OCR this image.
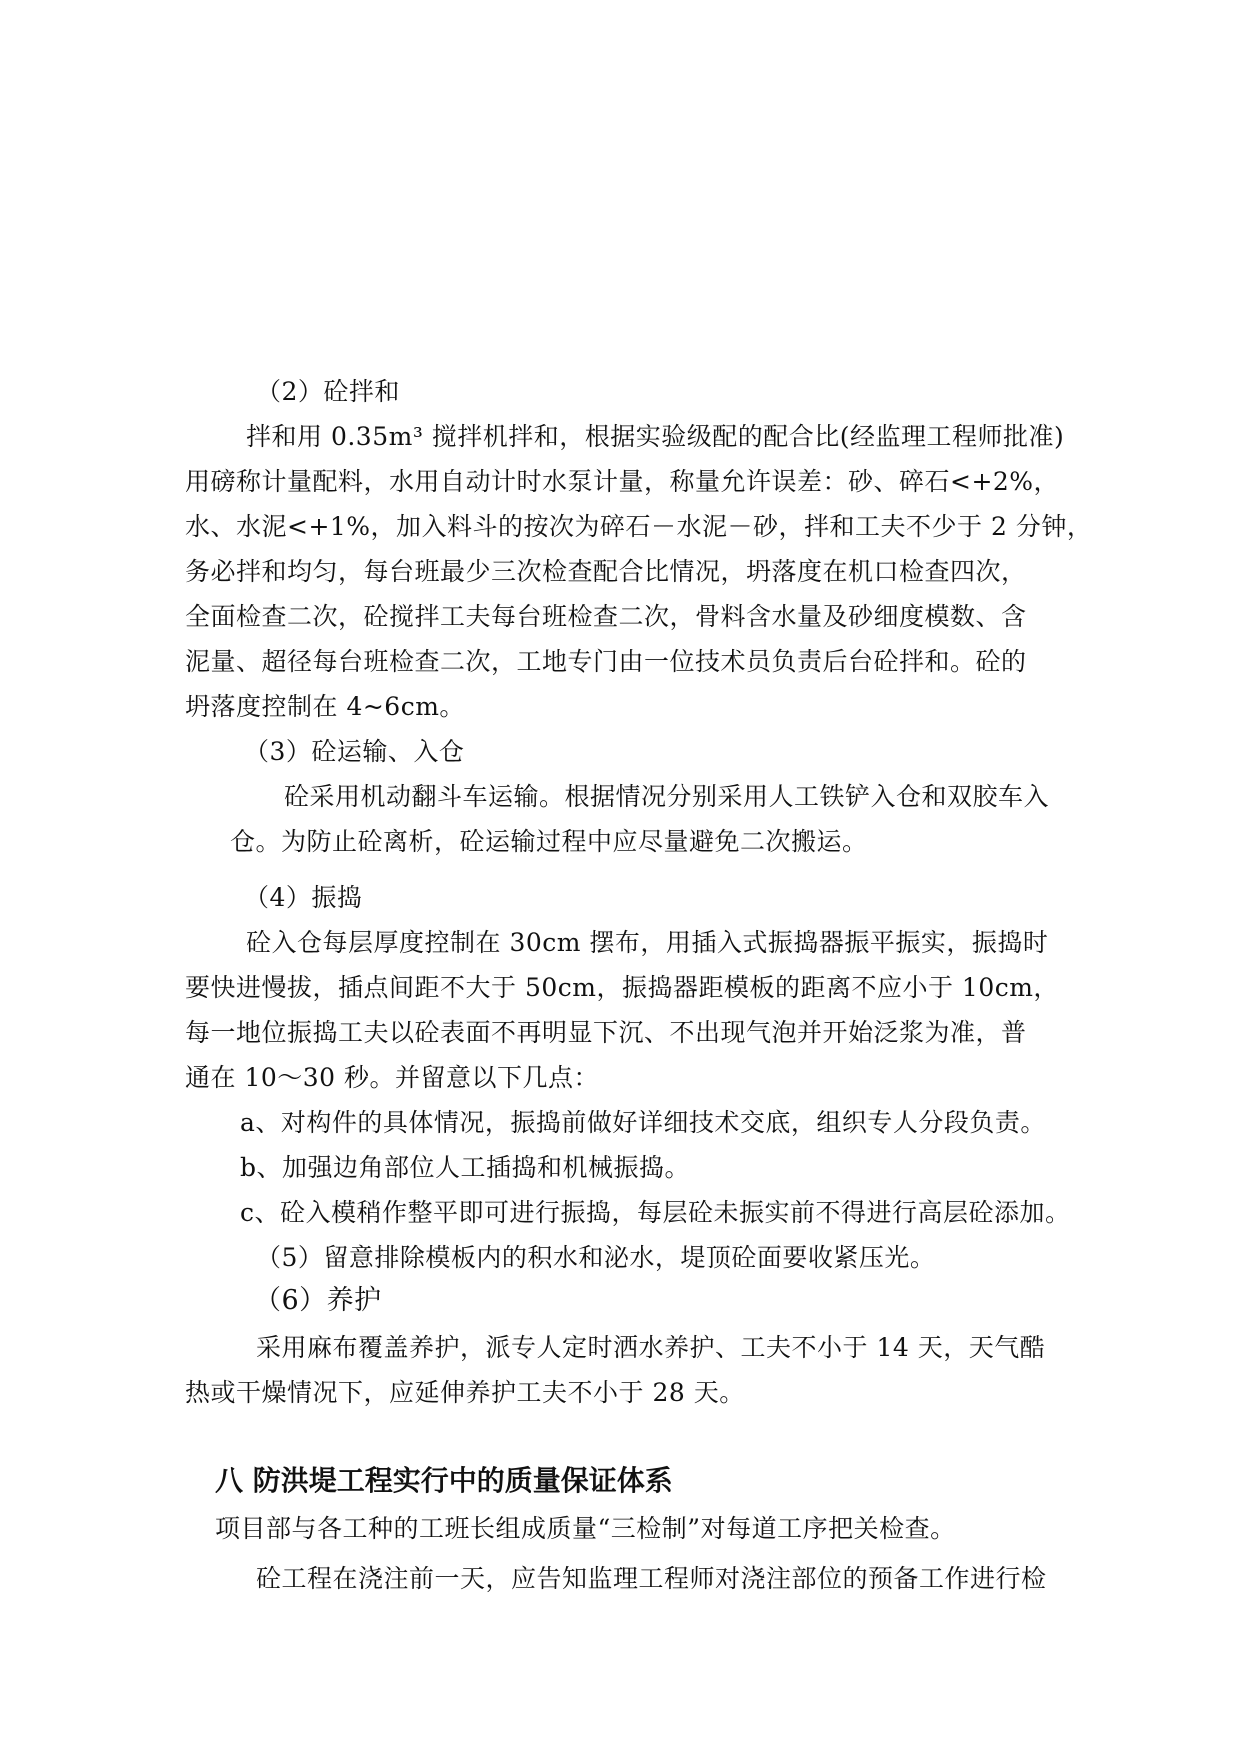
（2）砼拌和
拌和用 0.35m³ 搅拌机拌和，根据实验级配的配合比(经监理工程师批准)
用磅称计量配料，水用自动计时水泵计量，称量允许误差：砂、碎石<+2%，
水、水泥<+1%，加入料斗的按次为碎石－水泥－砂，拌和工夫不少于 2 分钟，
务必拌和均匀，每台班最少三次检查配合比情况，坍落度在机口检查四次，
全面检查二次，砼搅拌工夫每台班检查二次，骨料含水量及砂细度模数、含
泥量、超径每台班检查二次，工地专门由一位技术员负责后台砼拌和。砼的
坍落度控制在 4~6cm。
（3）砼运输、入仓
砼采用机动翻斗车运输。根据情况分别采用人工铁铲入仓和双胶车入
仓。为防止砼离析，砼运输过程中应尽量避免二次搬运。
（4）振捣
砼入仓每层厚度控制在 30cm 摆布，用插入式振捣器振平振实，振捣时
要快进慢拔，插点间距不大于 50cm，振捣器距模板的距离不应小于 10cm，
每一地位振捣工夫以砼表面不再明显下沉、不出现气泡并开始泛浆为准，普
通在 10～30 秒。并留意以下几点：
a、对构件的具体情况，振捣前做好详细技术交底，组织专人分段负责。
b、加强边角部位人工插捣和机械振捣。
c、砼入模稍作整平即可进行振捣，每层砼未振实前不得进行高层砼添加。
（5）留意排除模板内的积水和泌水，堤顶砼面要收紧压光。
（6）养护
采用麻布覆盖养护，派专人定时洒水养护、工夫不小于 14 天，天气酷
热或干燥情况下，应延伸养护工夫不小于 28 天。
八 防洪堤工程实行中的质量保证体系
项目部与各工种的工班长组成质量“三检制”对每道工序把关检查。
砼工程在浇注前一天，应告知监理工程师对浇注部位的预备工作进行检
